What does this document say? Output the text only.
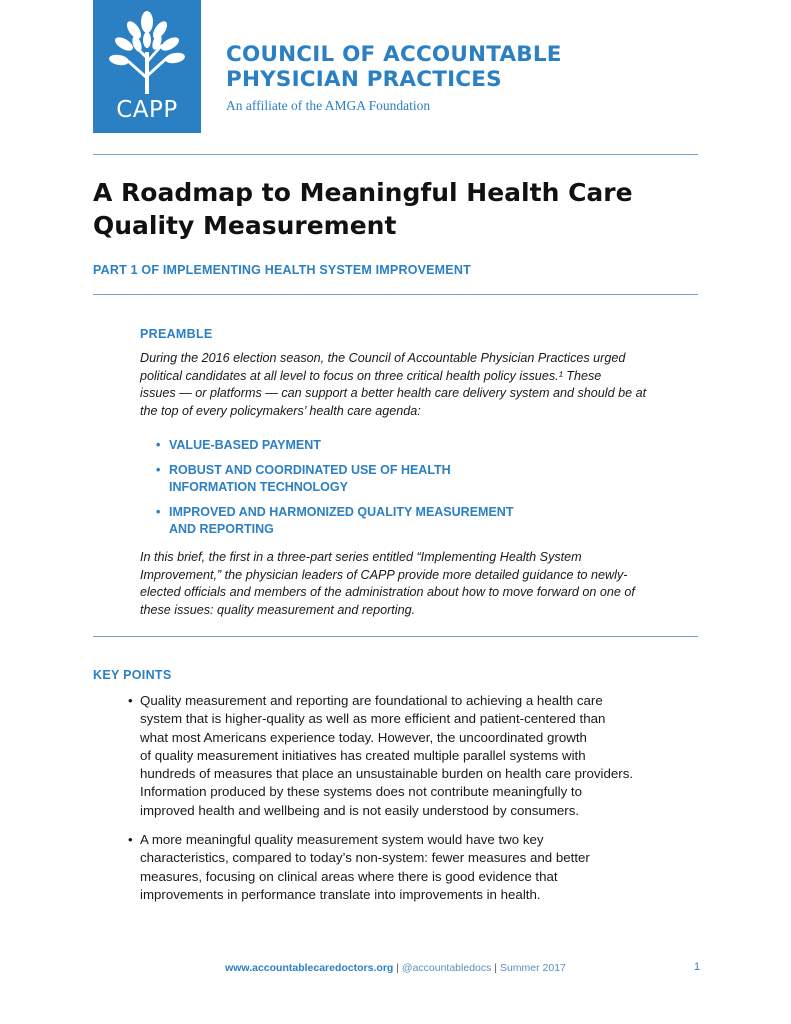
CAPP
COUNCIL OF ACCOUNTABLE
PHYSICIAN PRACTICES
An affiliate of the AMGA Foundation
A Roadmap to Meaningful Health Care
Quality Measurement
PART 1 OF IMPLEMENTING HEALTH SYSTEM IMPROVEMENT
PREAMBLE
During the 2016 election season, the Council of Accountable Physician Practices urged
political candidates at all level to focus on three critical health policy issues.¹ These
issues — or platforms — can support a better health care delivery system and should be at
the top of every policymakers’ health care agenda:
• VALUE-BASED PAYMENT
• ROBUST AND COORDINATED USE OF HEALTH
INFORMATION TECHNOLOGY
• IMPROVED AND HARMONIZED QUALITY MEASUREMENT
AND REPORTING
In this brief, the first in a three-part series entitled “Implementing Health System
Improvement,” the physician leaders of CAPP provide more detailed guidance to newly-
elected officials and members of the administration about how to move forward on one of
these issues: quality measurement and reporting.
KEY POINTS
• Quality measurement and reporting are foundational to achieving a health care
system that is higher-quality as well as more efficient and patient-centered than
what most Americans experience today. However, the uncoordinated growth
of quality measurement initiatives has created multiple parallel systems with
hundreds of measures that place an unsustainable burden on health care providers.
Information produced by these systems does not contribute meaningfully to
improved health and wellbeing and is not easily understood by consumers.
• A more meaningful quality measurement system would have two key
characteristics, compared to today’s non-system: fewer measures and better
measures, focusing on clinical areas where there is good evidence that
improvements in performance translate into improvements in health.
www.accountablecaredoctors.org | @accountabledocs | Summer 2017	1
